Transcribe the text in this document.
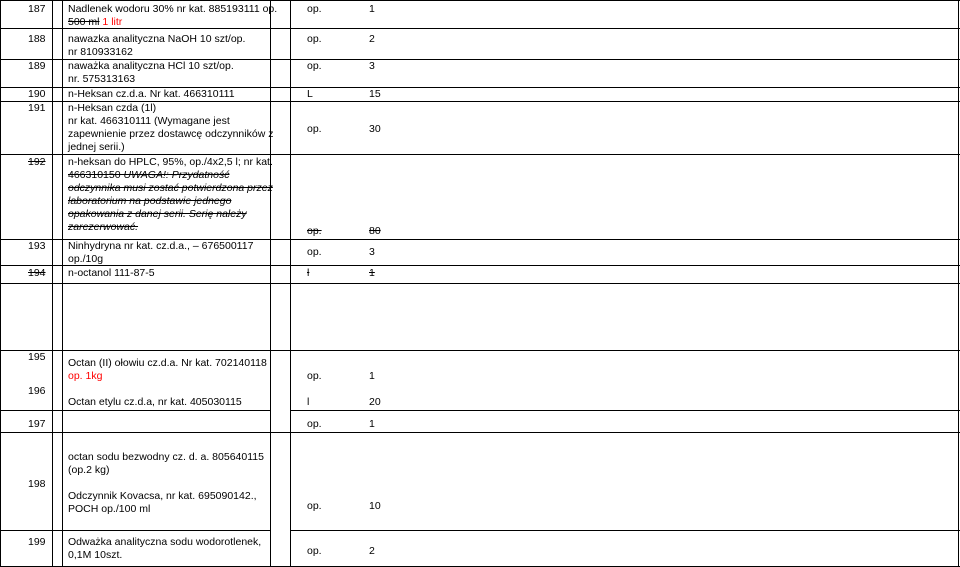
187 Nadlenek wodoru 30% nr kat. 885193111 op.
500 ml 1 litr
op.	1
188 nawazka analityczna NaOH 10 szt/op.
nr 810933162
op.	2
189 naważka analityczna HCl 10 szt/op.
nr. 575313163
op.	3
190 n-Heksan cz.d.a. Nr kat. 466310111	L	15
191 n-Heksan czda (1l)
nr kat. 466310111 (Wymagane jest
zapewnienie przez dostawcę odczynników z
jednej serii.)
op.	30
192 n-heksan do HPLC, 95%, op./4x2,5 l; nr kat.
466310150 UWAGA!: Przydatność
odczynnika musi zostać potwierdzona przez
laboratorium na podstawie jednego
opakowania z danej serii. Serię należy
zarezerwować.	op.	80
193 Ninhydryna nr kat. cz.d.a., – 676500117
op./10g
op.	3
194 n-octanol 111-87-5	l	1
195 Octan (II) ołowiu cz.d.a. Nr kat. 702140118
op. 1kg	op.	1
196
Octan etylu cz.d.a, nr kat. 405030115	l	20
197	op.	1
198
octan sodu bezwodny cz. d. a. 805640115
(op.2 kg)
Odczynnik Kovacsa, nr kat. 695090142.,
POCH op./100 ml	op.	10
199 Odważka analityczna sodu wodorotlenek,
0,1M 10szt.	op.	2
